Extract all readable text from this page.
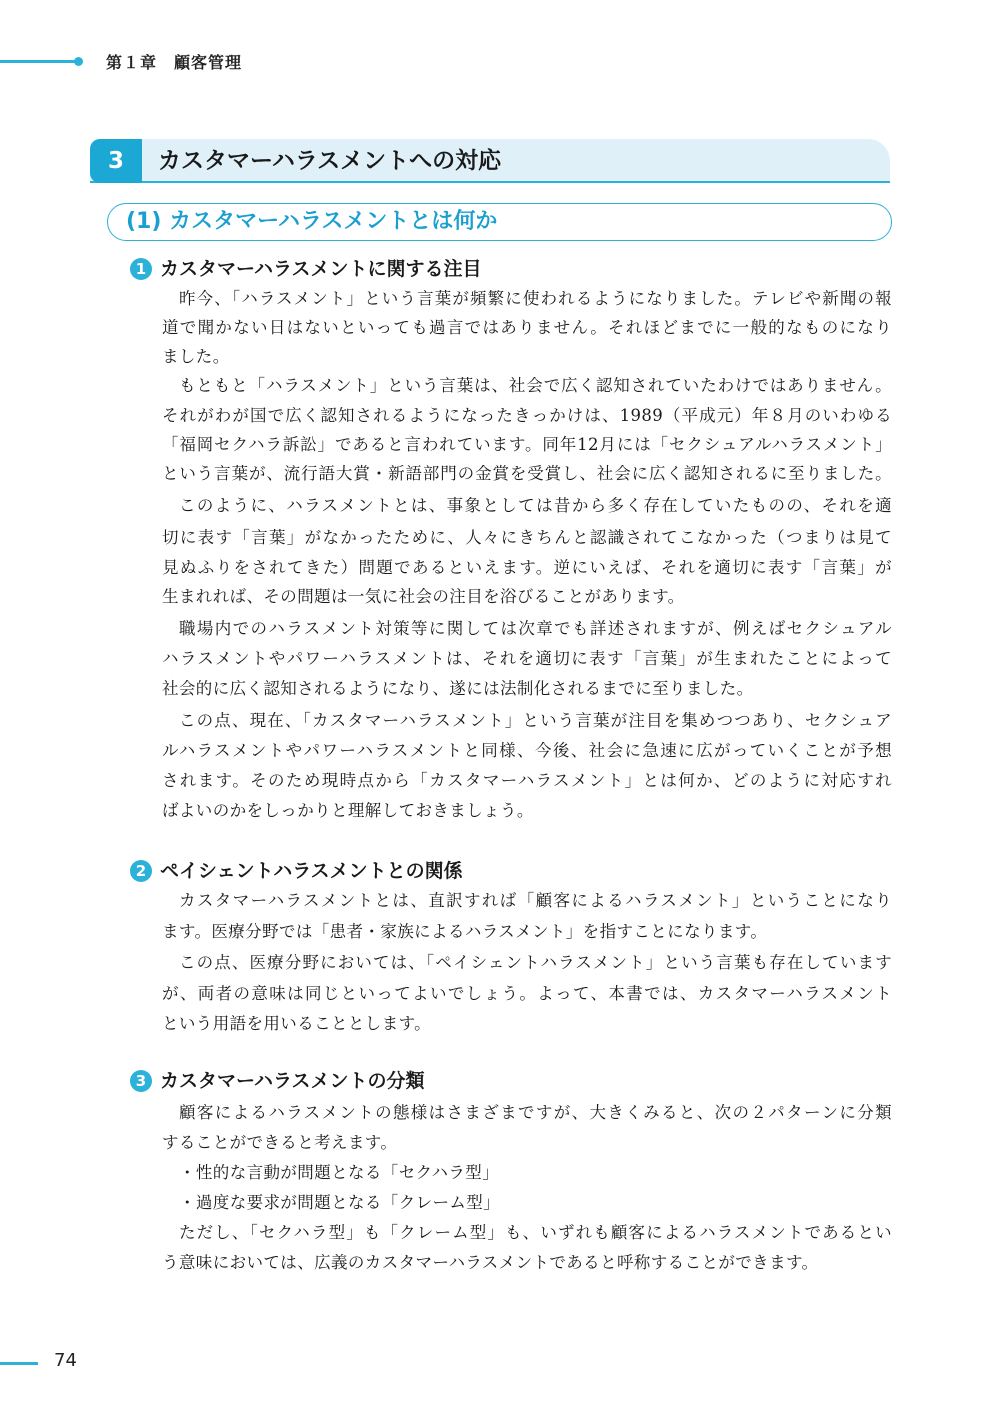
第１章　顧客管理
3	カスタマーハラスメントへの対応
(1) カスタマーハラスメントとは何か
1 カスタマーハラスメントに関する注目
昨今、「ハラスメント」という言葉が頻繁に使われるようになりました。テレビや新聞の報
道で聞かない日はないといっても過言ではありません。それほどまでに一般的なものになり
ました。
もともと「ハラスメント」という言葉は、社会で広く認知されていたわけではありません。
それがわが国で広く認知されるようになったきっかけは、1989（平成元）年８月のいわゆる
「福岡セクハラ訴訟」であると言われています。同年12月には「セクシュアルハラスメント」
という言葉が、流行語大賞・新語部門の金賞を受賞し、社会に広く認知されるに至りました。
このように、ハラスメントとは、事象としては昔から多く存在していたものの、それを適
切に表す「言葉」がなかったために、人々にきちんと認識されてこなかった（つまりは見て
見ぬふりをされてきた）問題であるといえます。逆にいえば、それを適切に表す「言葉」が
生まれれば、その問題は一気に社会の注目を浴びることがあります。
職場内でのハラスメント対策等に関しては次章でも詳述されますが、例えばセクシュアル
ハラスメントやパワーハラスメントは、それを適切に表す「言葉」が生まれたことによって
社会的に広く認知されるようになり、遂には法制化されるまでに至りました。
この点、現在、「カスタマーハラスメント」という言葉が注目を集めつつあり、セクシュア
ルハラスメントやパワーハラスメントと同様、今後、社会に急速に広がっていくことが予想
されます。そのため現時点から「カスタマーハラスメント」とは何か、どのように対応すれ
ばよいのかをしっかりと理解しておきましょう。
2 ペイシェントハラスメントとの関係
カスタマーハラスメントとは、直訳すれば「顧客によるハラスメント」ということになり
ます。医療分野では「患者・家族によるハラスメント」を指すことになります。
この点、医療分野においては、「ペイシェントハラスメント」という言葉も存在しています
が、両者の意味は同じといってよいでしょう。よって、本書では、カスタマーハラスメント
という用語を用いることとします。
3 カスタマーハラスメントの分類
顧客によるハラスメントの態様はさまざまですが、大きくみると、次の２パターンに分類
することができると考えます。
・性的な言動が問題となる「セクハラ型」
・過度な要求が問題となる「クレーム型」
ただし、「セクハラ型」も「クレーム型」も、いずれも顧客によるハラスメントであるとい
う意味においては、広義のカスタマーハラスメントであると呼称することができます。
74
